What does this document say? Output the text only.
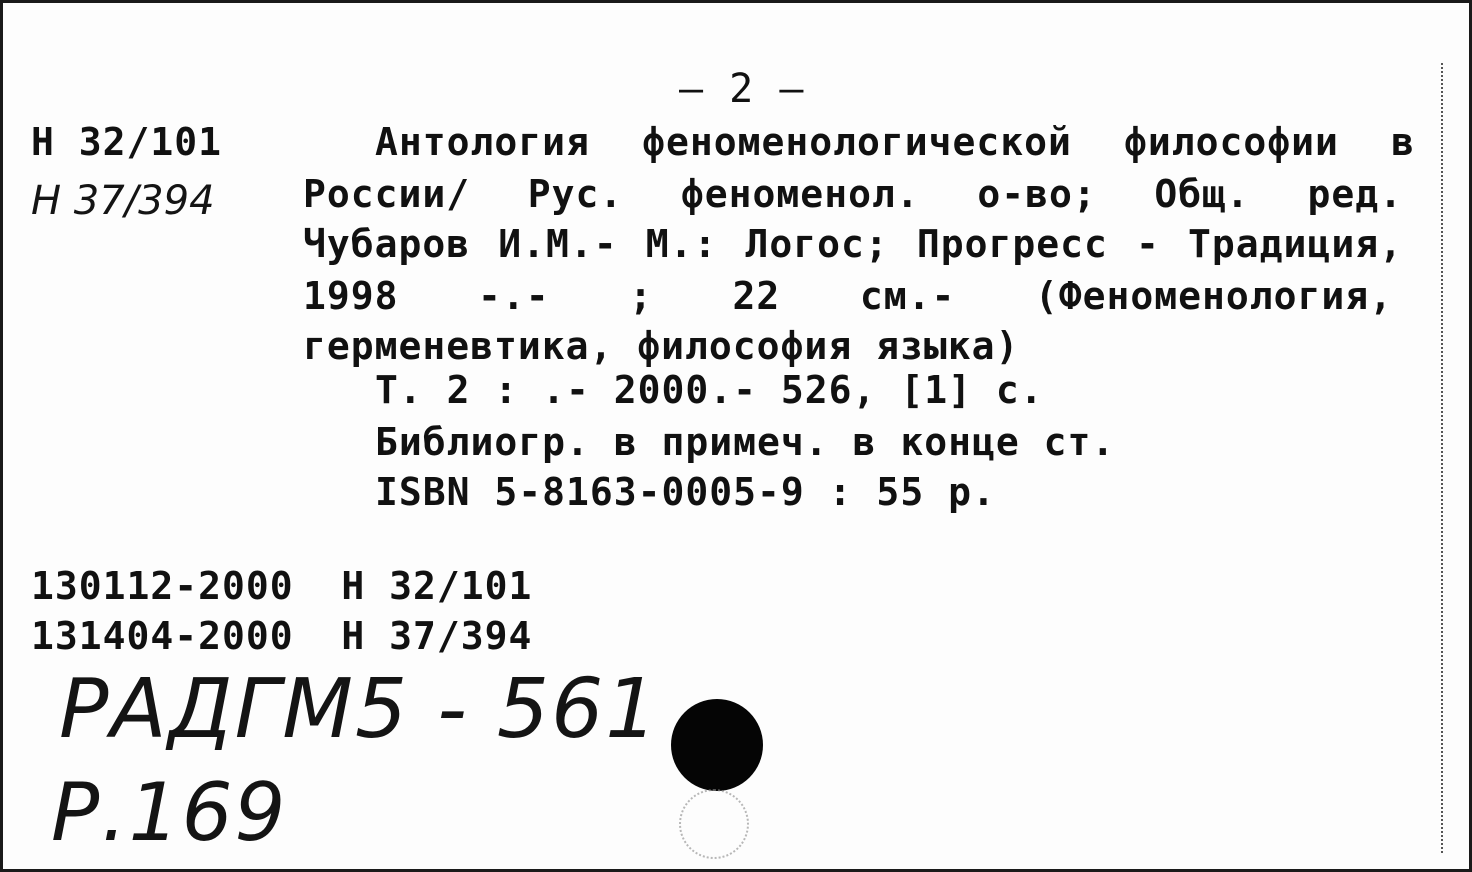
— 2 —
Н 32/101
Н 37/394
Антология феноменологической философии в
России/ Рус. феноменол. о-во; Общ. ред.
Чубаров И.М.- М.: Логос; Прогресс - Традиция,
1998 -.- ; 22 см.- (Феноменология,
герменевтика, философия языка)
Т. 2 : .- 2000.- 526, [1] с.
Библиогр. в примеч. в конце ст.
ISBN 5-8163-0005-9 : 55 р.
130112-2000  Н 32/101
131404-2000  Н 37/394
РАДГМ5 - 561
Р.169
